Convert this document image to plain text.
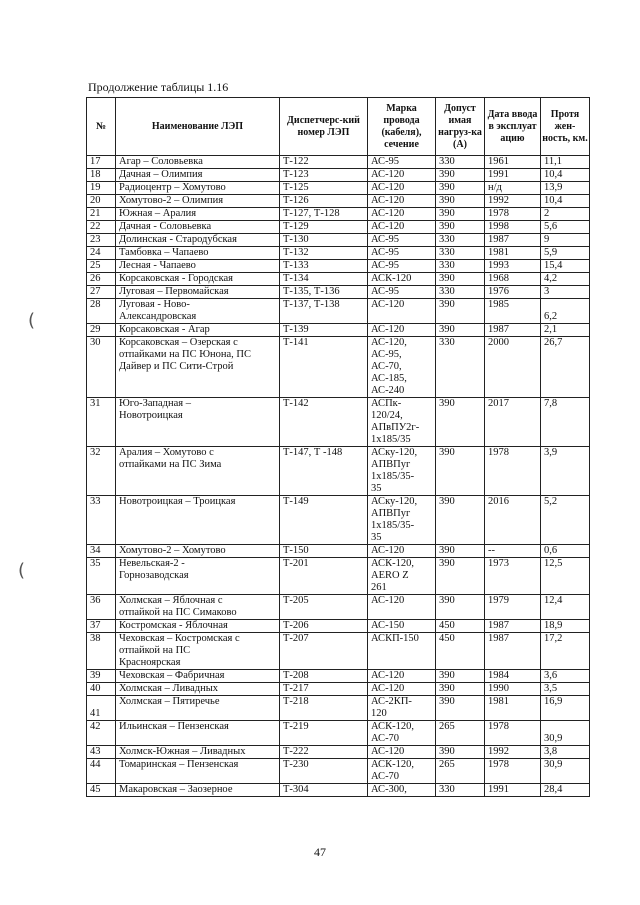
Продолжение таблицы 1.16
№	Наименование ЛЭП	Диспетчерс-кий номер ЛЭП	Марка провода (кабеля), сечение	Допуст имая нагруз-ка (А)	Дата ввода в эксплуат ацию	Протя жен-ность, км.
17	Агар – Соловьевка	Т-122	АС-95	330	1961	11,1
18	Дачная – Олимпия	Т-123	АС-120	390	1991	10,4
19	Радиоцентр – Хомутово	Т-125	АС-120	390	н/д	13,9
20	Хомутово-2 – Олимпия	Т-126	АС-120	390	1992	10,4
21	Южная – Аралия	Т-127, Т-128	АС-120	390	1978	2
22	Дачная - Соловьевка	Т-129	АС-120	390	1998	5,6
23	Долинская - Стародубская	Т-130	АС-95	330	1987	9
24	Тамбовка – Чапаево	Т-132	АС-95	330	1981	5,9
25	Лесная - Чапаево	Т-133	АС-95	330	1993	15,4
26	Корсаковская - Городская	Т-134	АСК-120	390	1968	4,2
27	Луговая – Первомайская	Т-135, Т-136	АС-95	330	1976	3
28	Луговая - Ново-
Александровская	Т-137, Т-138	АС-120	390	1985	6,2
29	Корсаковская - Агар	Т-139	АС-120	390	1987	2,1
30	Корсаковская – Озерская с
отпайками на ПС Юнона, ПС
Дайвер и ПС Сити-Строй	Т-141	АС-120,
АС-95,
АС-70,
АС-185,
АС-240	330	2000	26,7
31	Юго-Западная –
Новотроицкая	Т-142	АСПк-
120/24,
АПвПУ2г-
1х185/35	390	2017	7,8
32	Аралия – Хомутово с
отпайками на ПС Зима	Т-147, Т -148	АСку-120,
АПВПуг
1х185/35-
35	390	1978	3,9
33	Новотроицкая – Троицкая	Т-149	АСку-120,
АПВПуг
1х185/35-
35	390	2016	5,2
34	Хомутово-2 – Хомутово	Т-150	АС-120	390	--	0,6
35	Невельская-2 -
Горнозаводская	Т-201	АСК-120,
AERO Z
261	390	1973	12,5
36	Холмская – Яблочная с
отпайкой на ПС Симаково	Т-205	АС-120	390	1979	12,4
37	Костромская - Яблочная	Т-206	АС-150	450	1987	18,9
38	Чеховская – Костромская с
отпайкой на ПС
Красноярская	Т-207	АСКП-150	450	1987	17,2
39	Чеховская – Фабричная	Т-208	АС-120	390	1984	3,6
40	Холмская – Ливадных	Т-217	АС-120	390	1990	3,5
41	Холмская – Пятиречье	Т-218	АС-2КП-
120	390	1981	16,9
42	Ильинская – Пензенская	Т-219	АСК-120,
АС-70	265	1978	30,9
43	Холмск-Южная – Ливадных	Т-222	АС-120	390	1992	3,8
44	Томаринская – Пензенская	Т-230	АСК-120,
АС-70	265	1978	30,9
45	Макаровская – Заозерное	Т-304	АС-300,	330	1991	28,4
(
(
47
